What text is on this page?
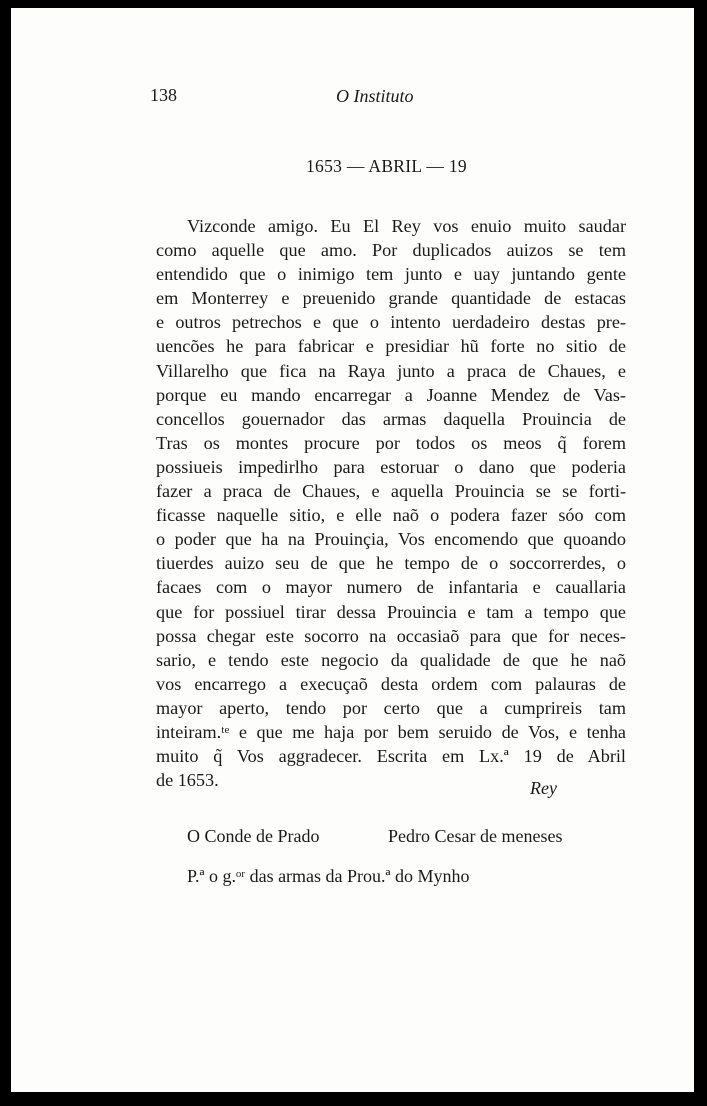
138	O Instituto
1653 — ABRIL — 19
Vizconde amigo. Eu El Rey vos enuio muito saudar
como aquelle que amo. Por duplicados auizos se tem
entendido que o inimigo tem junto e uay juntando gente
em Monterrey e preuenido grande quantidade de estacas
e outros petrechos e que o intento uerdadeiro destas pre-
uencões he para fabricar e presidiar hũ forte no sitio de
Villarelho que fica na Raya junto a praca de Chaues, e
porque eu mando encarregar a Joanne Mendez de Vas-
concellos gouernador das armas daquella Prouincia de
Tras os montes procure por todos os meos q̃ forem
possiueis impedirlho para estoruar o dano que poderia
fazer a praca de Chaues, e aquella Prouincia se se forti-
ficasse naquelle sitio, e elle naõ o podera fazer sóo com
o poder que ha na Prouinçia, Vos encomendo que quoando
tiuerdes auizo seu de que he tempo de o soccorrerdes, o
facaes com o mayor numero de infantaria e cauallaria
que for possiuel tirar dessa Prouincia e tam a tempo que
possa chegar este socorro na occasiaõ para que for neces-
sario, e tendo este negocio da qualidade de que he naõ
vos encarrego a execuçaõ desta ordem com palauras de
mayor aperto, tendo por certo que a cumprireis tam
inteiram.ᵗᵉ e que me haja por bem seruido de Vos, e tenha
muito q̃ Vos aggradecer. Escrita em Lx.ª 19 de Abril
de 1653.	Rey
O Conde de Prado	Pedro Cesar de meneses
P.ª o g.ᵒʳ das armas da Prou.ª do Mynho
